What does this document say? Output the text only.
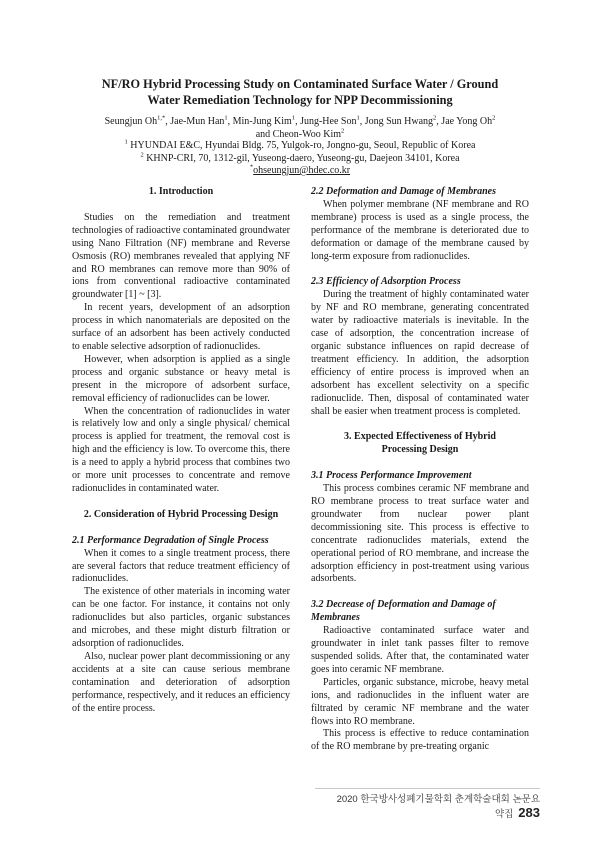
NF/RO Hybrid Processing Study on Contaminated Surface Water / Ground
Water Remediation Technology for NPP Decommissioning
Seungjun $Oh^{1,*}$, Jae-Mun Han$^1$, Min-Jung Kim$^1$, Jung-Hee Son$^1$, Jong Sun Hwang$^2$, Jae Yong Oh$^2$
and Cheon-Woo Kim$^2$
$^1$ HYUNDAI E&C, Hyundai Bldg. 75, Yulgok-ro, Jongno-gu, Seoul, Republic of Korea
$^2$ KHNP-CRI, 70, 1312-gil, Yuseong-daero, Yuseong-gu, Daejeon 34101, Korea
*ohseungjun@hdec.co.kr
1. Introduction

Studies on the remediation and treatment technologies of radioactive contaminated groundwater using Nano Filtration (NF) membrane and Reverse Osmosis (RO) membranes revealed that applying NF and RO membranes can remove more than 90% of ions from conventional radioactive contaminated groundwater [1] ~ [3].

In recent years, development of an adsorption process in which nanomaterials are deposited on the surface of an adsorbent has been actively conducted to enable selective adsorption of radionuclides.

However, when adsorption is applied as a single process and organic substance or heavy metal is present in the micropore of adsorbent surface, removal efficiency of radionuclides can be lower.

When the concentration of radionuclides in water is relatively low and only a single physical/ chemical process is applied for treatment, the removal cost is high and the efficiency is low. To overcome this, there is a need to apply a hybrid process that combines two or more unit processes to concentrate and remove radionuclides in contaminated water.

2. Consideration of Hybrid Processing Design
2.1 Performance Degradation of Single Process

When it comes to a single treatment process, there are several factors that reduce treatment efficiency of radionuclides.

The existence of other materials in incoming water can be one factor. For instance, it contains not only radionuclides but also particles, organic substances and microbes, and these might disturb filtration or adsorption of radionuclides.

Also, nuclear power plant decommissioning or any accidents at a site can cause serious membrane contamination and deterioration of adsorption performance, respectively, and it reduces an efficiency of the entire process.

2.2 Deformation and Damage of Membranes

When polymer membrane (NF membrane and RO membrane) process is used as a single process, the performance of the membrane is deteriorated due to deformation or damage of the membrane caused by long-term exposure from radionuclides.

2.3 Efficiency of Adsorption Process

During the treatment of highly contaminated water by NF and RO membrane, generating concentrated water by radioactive materials is inevitable. In the case of adsorption, the concentration increase of organic substance influences on rapid decrease of treatment efficiency. In addition, the adsorption efficiency of entire process is improved when an adsorbent has excellent selectivity on a specific radionuclide. Then, disposal of contaminated water shall be easier when treatment process is completed.

3. Expected Effectiveness of Hybrid
Processing Design
3.1 Process Performance Improvement

This process combines ceramic NF membrane and RO membrane process to treat surface water and groundwater from nuclear power plant decommissioning site. This process is effective to concentrate radionuclides materials, extend the operational period of RO membrane, and increase the adsorption efficiency in post-treatment using various adsorbents.

3.2 Decrease of Deformation and Damage of Membranes

Radioactive contaminated surface water and groundwater in inlet tank passes filter to remove suspended solids. After that, the contaminated water goes into ceramic NF membrane.

Particles, organic substance, microbe, heavy metal ions, and radionuclides in the influent water are filtrated by ceramic NF membrane and the water flows into RO membrane.

This process is effective to reduce contamination of the RO membrane by pre-treating organic

2020 한국방사성폐기물학회 춘계학술대회 논문요약집 283
